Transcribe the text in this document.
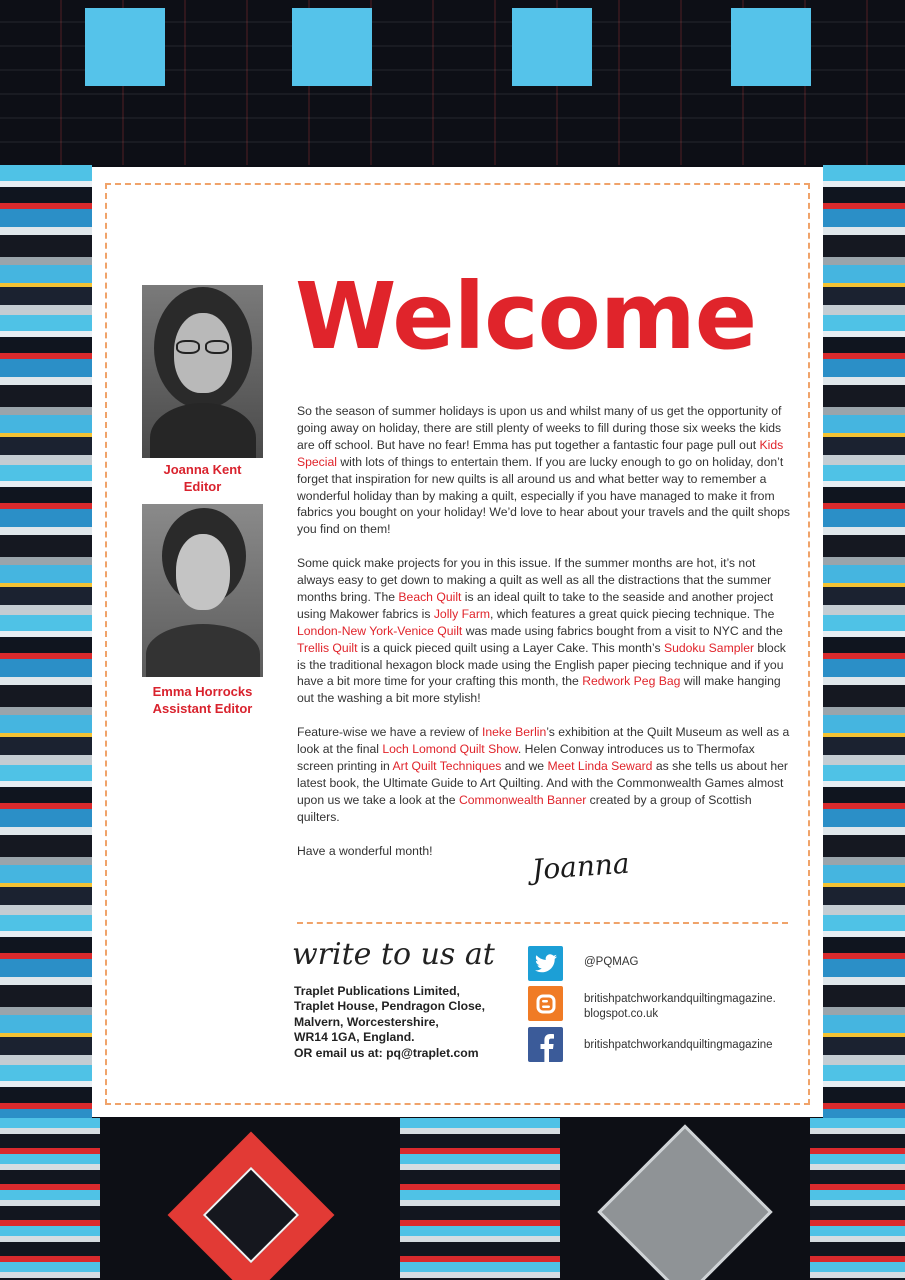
Joanna Kent
Editor
Emma Horrocks
Assistant Editor
Welcome

So the season of summer holidays is upon us and whilst many of us get the opportunity of going away on holiday, there are still plenty of weeks to fill during those six weeks the kids are off school. But have no fear! Emma has put together a fantastic four page pull out Kids Special with lots of things to entertain them. If you are lucky enough to go on holiday, don’t forget that inspiration for new quilts is all around us and what better way to remember a wonderful holiday than by making a quilt, especially if you have managed to make it from fabrics you bought on your holiday! We’d love to hear about your travels and the quilt shops you find on them!

Some quick make projects for you in this issue. If the summer months are hot, it’s not always easy to get down to making a quilt as well as all the distractions that the summer months bring. The Beach Quilt is an ideal quilt to take to the seaside and another project using Makower fabrics is Jolly Farm, which features a great quick piecing technique. The London-New York-Venice Quilt was made using fabrics bought from a visit to NYC and the Trellis Quilt is a quick pieced quilt using a Layer Cake. This month’s Sudoku Sampler block is the traditional hexagon block made using the English paper piecing technique and if you have a bit more time for your crafting this month, the Redwork Peg Bag will make hanging out the washing a bit more stylish!

Feature-wise we have a review of Ineke Berlin’s exhibition at the Quilt Museum as well as a look at the final Loch Lomond Quilt Show. Helen Conway introduces us to Thermofax screen printing in Art Quilt Techniques and we Meet Linda Seward as she tells us about her latest book, the Ultimate Guide to Art Quilting. And with the Commonwealth Games almost upon us we take a look at the Commonwealth Banner created by a group of Scottish quilters.

Have a wonderful month!	Joanna
write to us at
Traplet Publications Limited,
Traplet House, Pendragon Close,
Malvern, Worcestershire,
WR14 1GA, England.
OR email us at: pq@traplet.com
@PQMAG
britishpatchworkandquiltingmagazine.
blogspot.co.uk
britishpatchworkandquiltingmagazine
